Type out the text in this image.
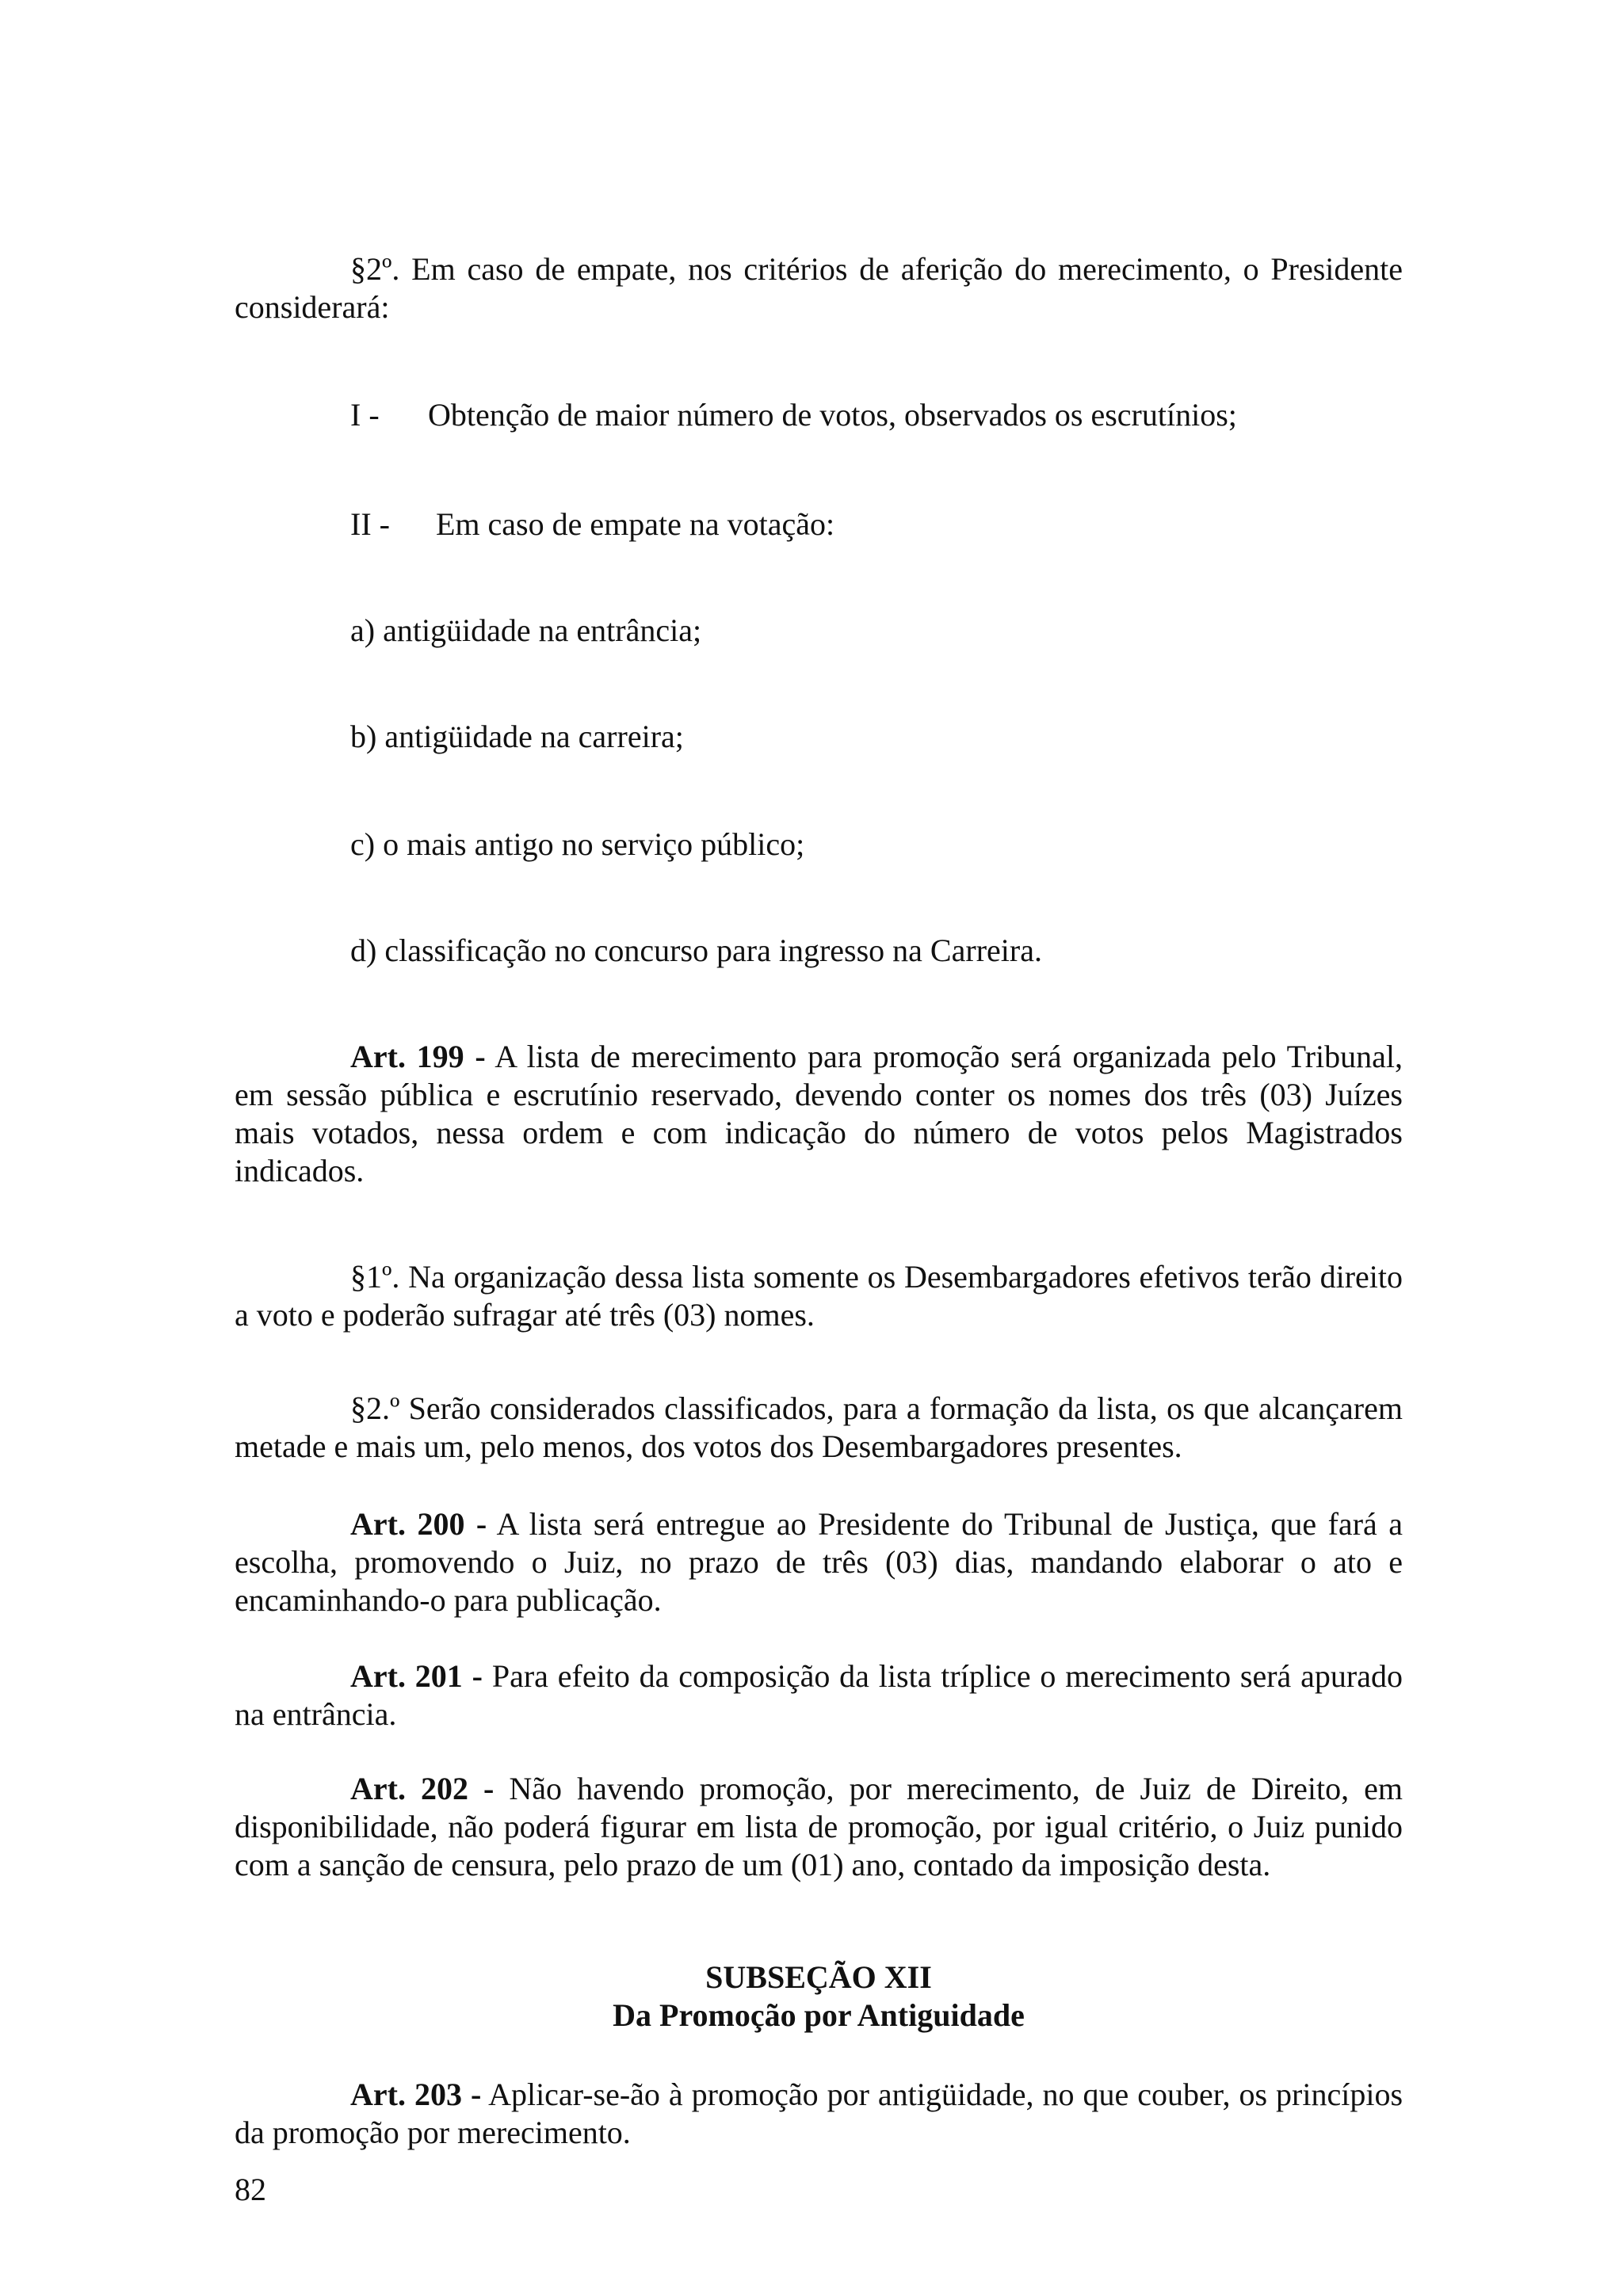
§2º. Em caso de empate, nos critérios de aferição do merecimento, o Presidente considerará:

I - Obtenção de maior número de votos, observados os escrutínios;
II - Em caso de empate na votação:
a) antigüidade na entrância;
b) antigüidade na carreira;
c) o mais antigo no serviço público;
d) classificação no concurso para ingresso na Carreira.

Art. 199 - A lista de merecimento para promoção será organizada pelo Tribunal, em sessão pública e escrutínio reservado, devendo conter os nomes dos três (03) Juízes mais votados, nessa ordem e com indicação do número de votos pelos Magistrados indicados.

§1º. Na organização dessa lista somente os Desembargadores efetivos terão direito a voto e poderão sufragar até três (03) nomes.

§2.º Serão considerados classificados, para a formação da lista, os que alcançarem metade e mais um, pelo menos, dos votos dos Desembargadores presentes.

Art. 200 - A lista será entregue ao Presidente do Tribunal de Justiça, que fará a escolha, promovendo o Juiz, no prazo de três (03) dias, mandando elaborar o ato e encaminhando-o para publicação.

Art. 201 - Para efeito da composição da lista tríplice o merecimento será apurado na entrância.

Art. 202 - Não havendo promoção, por merecimento, de Juiz de Direito, em disponibilidade, não poderá figurar em lista de promoção, por igual critério, o Juiz punido com a sanção de censura, pelo prazo de um (01) ano, contado da imposição desta.

SUBSEÇÃO XII
Da Promoção por Antiguidade

Art. 203 - Aplicar-se-ão à promoção por antigüidade, no que couber, os princípios da promoção por merecimento.

82
